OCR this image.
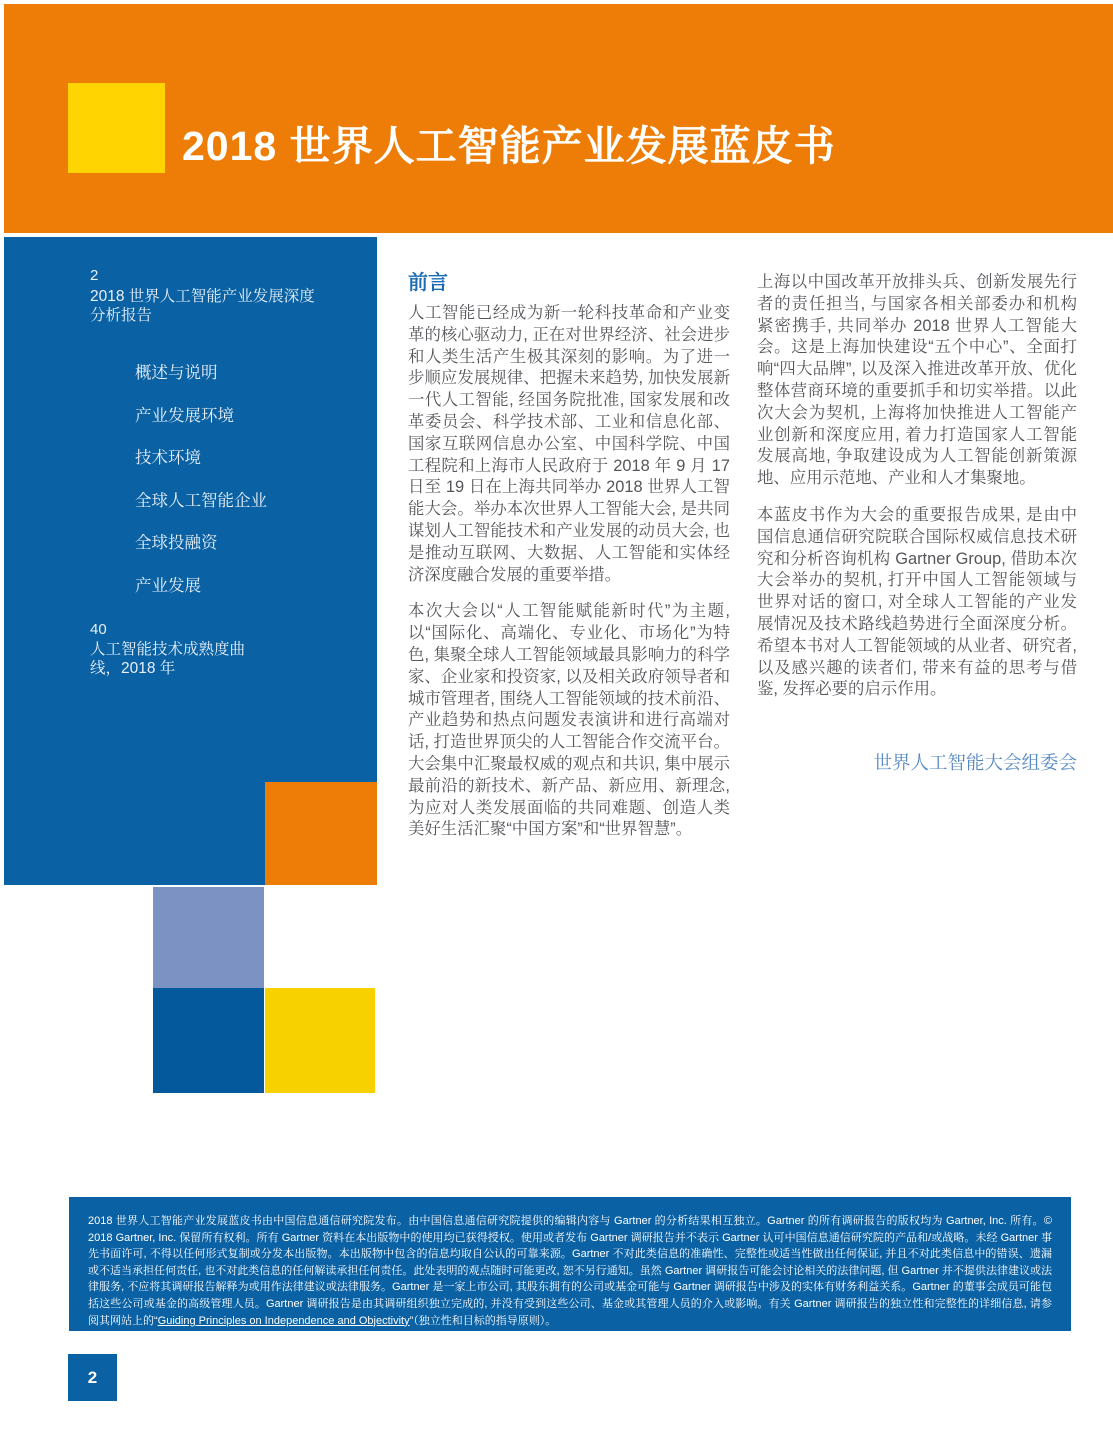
2018 世界人工智能产业发展蓝皮书
2
2018 世界人工智能产业发展深度分析报告
概述与说明
产业发展环境
技术环境
全球人工智能企业
全球投融资
产业发展
40
人工智能技术成熟度曲线，2018 年
前言

人工智能已经成为新一轮科技革命和产业变革的核心驱动力, 正在对世界经济、社会进步和人类生活产生极其深刻的影响。为了进一步顺应发展规律、把握未来趋势, 加快发展新一代人工智能, 经国务院批准, 国家发展和改革委员会、科学技术部、工业和信息化部、国家互联网信息办公室、中国科学院、中国工程院和上海市人民政府于 2018 年 9 月 17 日至 19 日在上海共同举办 2018 世界人工智能大会。举办本次世界人工智能大会, 是共同谋划人工智能技术和产业发展的动员大会, 也是推动互联网、大数据、人工智能和实体经济深度融合发展的重要举措。

本次大会以“人工智能赋能新时代”为主题, 以“国际化、高端化、专业化、市场化”为特色, 集聚全球人工智能领域最具影响力的科学家、企业家和投资家, 以及相关政府领导者和城市管理者, 围绕人工智能领域的技术前沿、产业趋势和热点问题发表演讲和进行高端对话, 打造世界顶尖的人工智能合作交流平台。大会集中汇聚最权威的观点和共识, 集中展示最前沿的新技术、新产品、新应用、新理念, 为应对人类发展面临的共同难题、创造人类美好生活汇聚“中国方案”和“世界智慧”。

上海以中国改革开放排头兵、创新发展先行者的责任担当, 与国家各相关部委办和机构紧密携手, 共同举办 2018 世界人工智能大会。这是上海加快建设“五个中心”、全面打响“四大品牌”, 以及深入推进改革开放、优化整体营商环境的重要抓手和切实举措。以此次大会为契机, 上海将加快推进人工智能产业创新和深度应用, 着力打造国家人工智能发展高地, 争取建设成为人工智能创新策源地、应用示范地、产业和人才集聚地。

本蓝皮书作为大会的重要报告成果, 是由中国信息通信研究院联合国际权威信息技术研究和分析咨询机构 Gartner Group, 借助本次大会举办的契机, 打开中国人工智能领域与世界对话的窗口, 对全球人工智能的产业发展情况及技术路线趋势进行全面深度分析。希望本书对人工智能领域的从业者、研究者, 以及感兴趣的读者们, 带来有益的思考与借鉴, 发挥必要的启示作用。

世界人工智能大会组委会
2018 世界人工智能产业发展蓝皮书由中国信息通信研究院发布。由中国信息通信研究院提供的编辑内容与 Gartner 的分析结果相互独立。Gartner 的所有调研报告的版权均为 Gartner, Inc. 所有。© 2018 Gartner, Inc. 保留所有权利。所有 Gartner 资料在本出版物中的使用均已获得授权。使用或者发布 Gartner 调研报告并不表示 Gartner 认可中国信息通信研究院的产品和/或战略。未经 Gartner 事先书面许可, 不得以任何形式复制或分发本出版物。本出版物中包含的信息均取自公认的可靠来源。Gartner 不对此类信息的准确性、完整性或适当性做出任何保证, 并且不对此类信息中的错误、遗漏或不适当承担任何责任, 也不对此类信息的任何解读承担任何责任。此处表明的观点随时可能更改, 恕不另行通知。虽然 Gartner 调研报告可能会讨论相关的法律问题, 但 Gartner 并不提供法律建议或法律服务, 不应将其调研报告解释为或用作法律建议或法律服务。Gartner 是一家上市公司, 其股东拥有的公司或基金可能与 Gartner 调研报告中涉及的实体有财务利益关系。Gartner 的董事会成员可能包括这些公司或基金的高级管理人员。Gartner 调研报告是由其调研组织独立完成的, 并没有受到这些公司、基金或其管理人员的介入或影响。有关 Gartner 调研报告的独立性和完整性的详细信息, 请参阅其网站上的“Guiding Principles on Independence and Objectivity”（独立性和目标的指导原则）。
2
